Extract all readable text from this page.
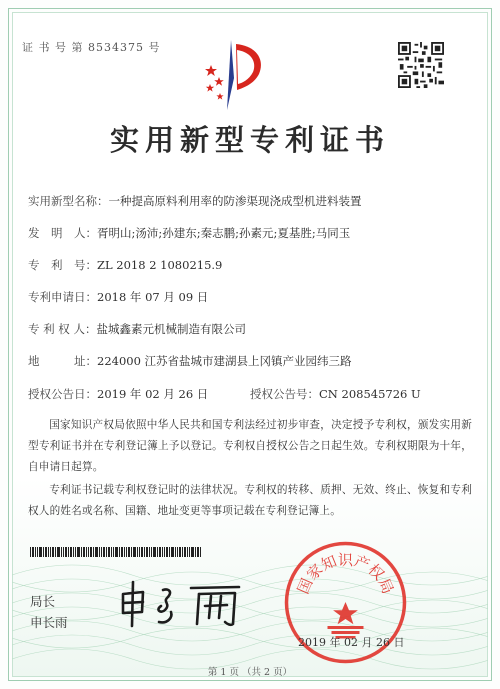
证 书 号 第 8534375 号
实用新型专利证书
实用新型名称：一种提高原料利用率的防渗渠现浇成型机进料装置
发　明　人：胥明山;汤沛;孙建东;秦志鹏;孙素元;夏基胜;马同玉
专　利　号：ZL 2018 2 1080215.9
专利申请日：2018 年 07 月 09 日
专 利 权 人：盐城鑫素元机械制造有限公司
地　　　址：224000 江苏省盐城市建湖县上冈镇产业园纬三路
授权公告日：2019 年 02 月 26 日	授权公告号：CN 208545726 U
国家知识产权局依照中华人民共和国专利法经过初步审查，决定授予专利权，颁发实用新型专利证书并在专利登记簿上予以登记。专利权自授权公告之日起生效。专利权期限为十年，自申请日起算。
专利证书记载专利权登记时的法律状况。专利权的转移、质押、无效、终止、恢复和专利权人的姓名或名称、国籍、地址变更等事项记载在专利登记簿上。
局长
申长雨
国家知识产权局
2019 年 02 月 26 日
第 1 页 （共 2 页）
